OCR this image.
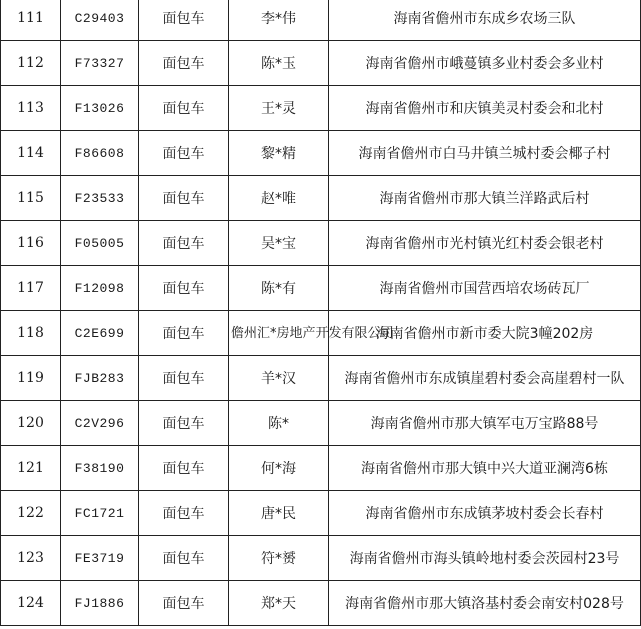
111	C29403	面包车	李*伟	海南省儋州市东成乡农场三队
112	F73327	面包车	陈*玉	海南省儋州市峨蔓镇多业村委会多业村
113	F13026	面包车	王*灵	海南省儋州市和庆镇美灵村委会和北村
114	F86608	面包车	黎*精	海南省儋州市白马井镇兰城村委会椰子村
115	F23533	面包车	赵*唯	海南省儋州市那大镇兰洋路武后村
116	F05005	面包车	吴*宝	海南省儋州市光村镇光红村委会银老村
117	F12098	面包车	陈*有	海南省儋州市国营西培农场砖瓦厂
118	C2E699	面包车	儋州汇*房地产开发有限公司	海南省儋州市新市委大院3幢202房
119	FJB283	面包车	羊*汉	海南省儋州市东成镇崖碧村委会高崖碧村一队
120	C2V296	面包车	陈*	海南省儋州市那大镇军屯万宝路88号
121	F38190	面包车	何*海	海南省儋州市那大镇中兴大道亚澜湾6栋
122	FC1721	面包车	唐*民	海南省儋州市东成镇茅坡村委会长春村
123	FE3719	面包车	符*赟	海南省儋州市海头镇岭地村委会茨园村23号
124	FJ1886	面包车	郑*天	海南省儋州市那大镇洛基村委会南安村028号
